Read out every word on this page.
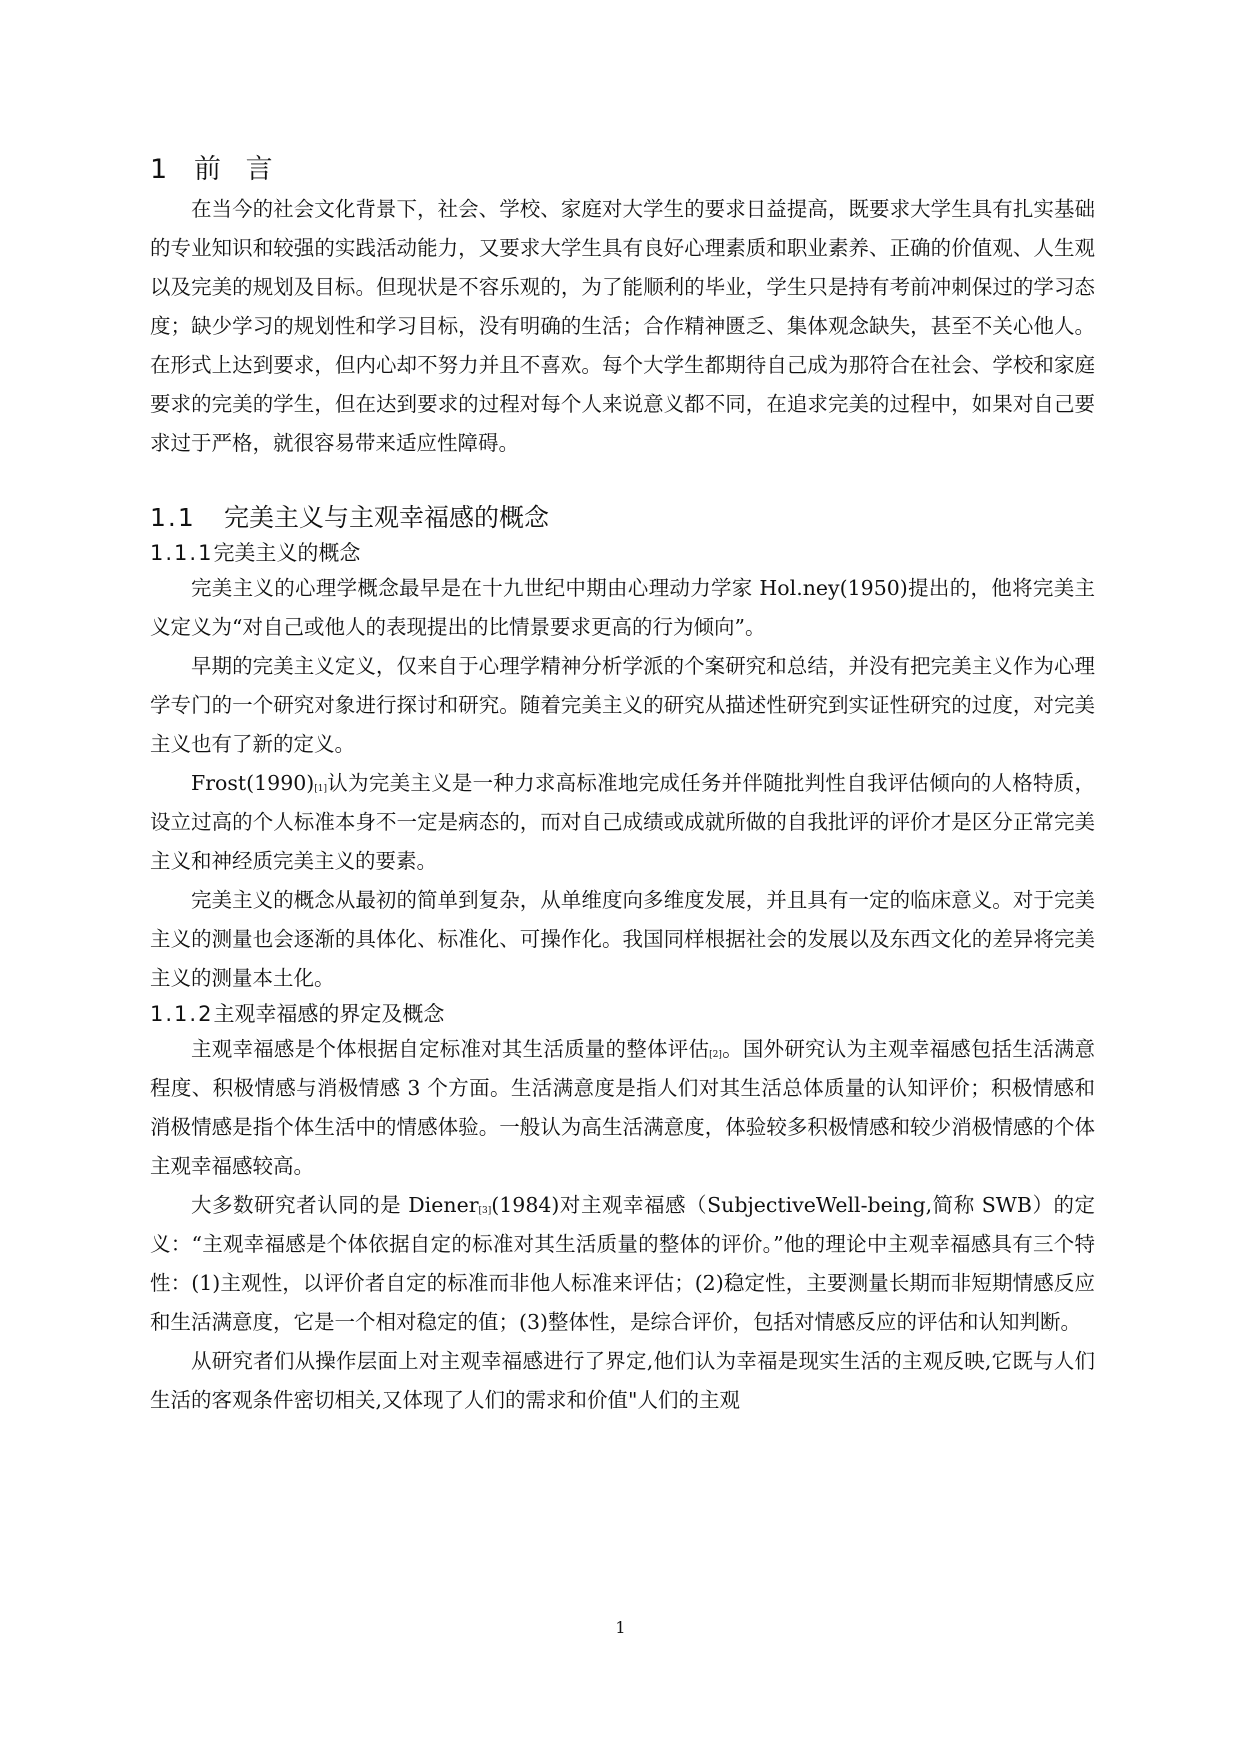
1 前 言

在当今的社会文化背景下，社会、学校、家庭对大学生的要求日益提高，既要求大学生具有扎实基础的专业知识和较强的实践活动能力，又要求大学生具有良好心理素质和职业素养、正确的价值观、人生观以及完美的规划及目标。但现状是不容乐观的，为了能顺利的毕业，学生只是持有考前冲刺保过的学习态度；缺少学习的规划性和学习目标，没有明确的生活；合作精神匮乏、集体观念缺失，甚至不关心他人。在形式上达到要求，但内心却不努力并且不喜欢。每个大学生都期待自己成为那符合在社会、学校和家庭要求的完美的学生，但在达到要求的过程对每个人来说意义都不同，在追求完美的过程中，如果对自己要求过于严格，就很容易带来适应性障碍。

1.1 完美主义与主观幸福感的概念
1.1.1完美主义的概念

完美主义的心理学概念最早是在十九世纪中期由心理动力学家 Hol.ney(1950)提出的，他将完美主义定义为“对自己或他人的表现提出的比情景要求更高的行为倾向”。

早期的完美主义定义，仅来自于心理学精神分析学派的个案研究和总结，并没有把完美主义作为心理学专门的一个研究对象进行探讨和研究。随着完美主义的研究从描述性研究到实证性研究的过度，对完美主义也有了新的定义。

Frost(1990)[1]认为完美主义是一种力求高标准地完成任务并伴随批判性自我评估倾向的人格特质，设立过高的个人标准本身不一定是病态的，而对自己成绩或成就所做的自我批评的评价才是区分正常完美主义和神经质完美主义的要素。

完美主义的概念从最初的简单到复杂，从单维度向多维度发展，并且具有一定的临床意义。对于完美主义的测量也会逐渐的具体化、标准化、可操作化。我国同样根据社会的发展以及东西文化的差异将完美主义的测量本土化。

1.1.2主观幸福感的界定及概念

主观幸福感是个体根据自定标准对其生活质量的整体评估[2]。国外研究认为主观幸福感包括生活满意程度、积极情感与消极情感 3 个方面。生活满意度是指人们对其生活总体质量的认知评价；积极情感和消极情感是指个体生活中的情感体验。一般认为高生活满意度，体验较多积极情感和较少消极情感的个体主观幸福感较高。

大多数研究者认同的是 Diener[3](1984)对主观幸福感（SubjectiveWell-being,简称 SWB）的定义：“主观幸福感是个体依据自定的标准对其生活质量的整体的评价。”他的理论中主观幸福感具有三个特性：(1)主观性，以评价者自定的标准而非他人标准来评估；(2)稳定性，主要测量长期而非短期情感反应和生活满意度，它是一个相对稳定的值；(3)整体性，是综合评价，包括对情感反应的评估和认知判断。

从研究者们从操作层面上对主观幸福感进行了界定,他们认为幸福是现实生活的主观反映,它既与人们生活的客观条件密切相关,又体现了人们的需求和价值"人们的主观

1
